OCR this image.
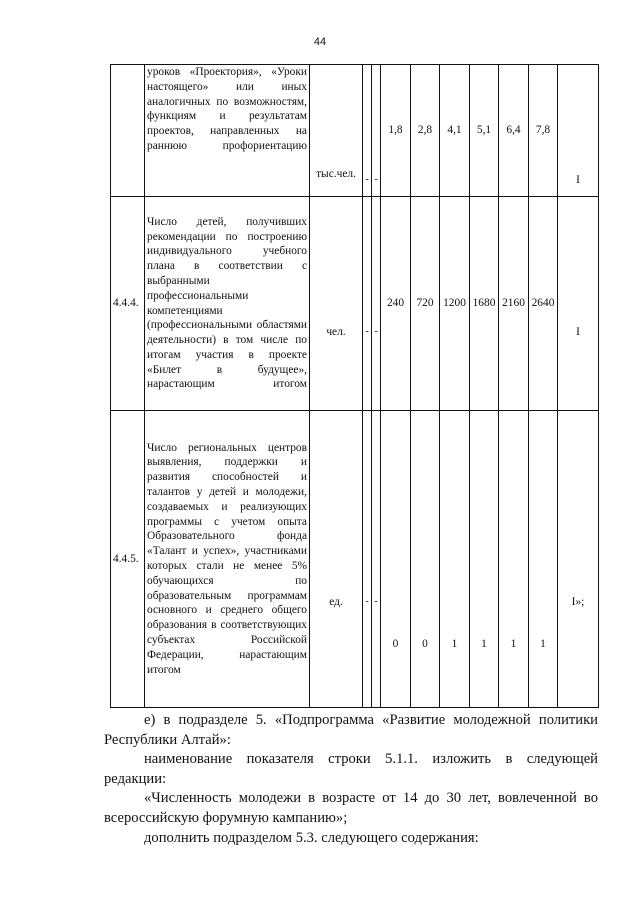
44
	уроков «Проектория», «Уроки настоящего» или иных аналогичных по возможностям, функциям и результатам проектов, направленных на раннюю профориентацию	тыс.чел.	-	-	1,8	2,8	4,1	5,1	6,4	7,8	I
4.4.4.	Число детей, получивших рекомендации по построению индивидуального учебного плана в соответствии с выбранными профессиональными компетенциями (профессиональными областями деятельности) в том числе по итогам участия в проекте «Билет в будущее», нарастающим итогом	чел.	-	-	240	720	1200	1680	2160	2640	I
4.4.5.	Число региональных центров выявления, поддержки и развития способностей и талантов у детей и молодежи, создаваемых и реализующих программы с учетом опыта Образовательного фонда «Талант и успех», участниками которых стали не менее 5% обучающихся по образовательным программам основного и среднего общего образования в соответствующих субъектах Российской Федерации, нарастающим итогом	ед.	-	-	0	0	1	1	1	1	I»;

е) в подразделе 5. «Подпрограмма «Развитие молодежной политики Республики Алтай»:

наименование показателя строки 5.1.1. изложить в следующей редакции:

«Численность молодежи в возрасте от 14 до 30 лет, вовлеченной во всероссийскую форумную кампанию»;

дополнить подразделом 5.3. следующего содержания:
